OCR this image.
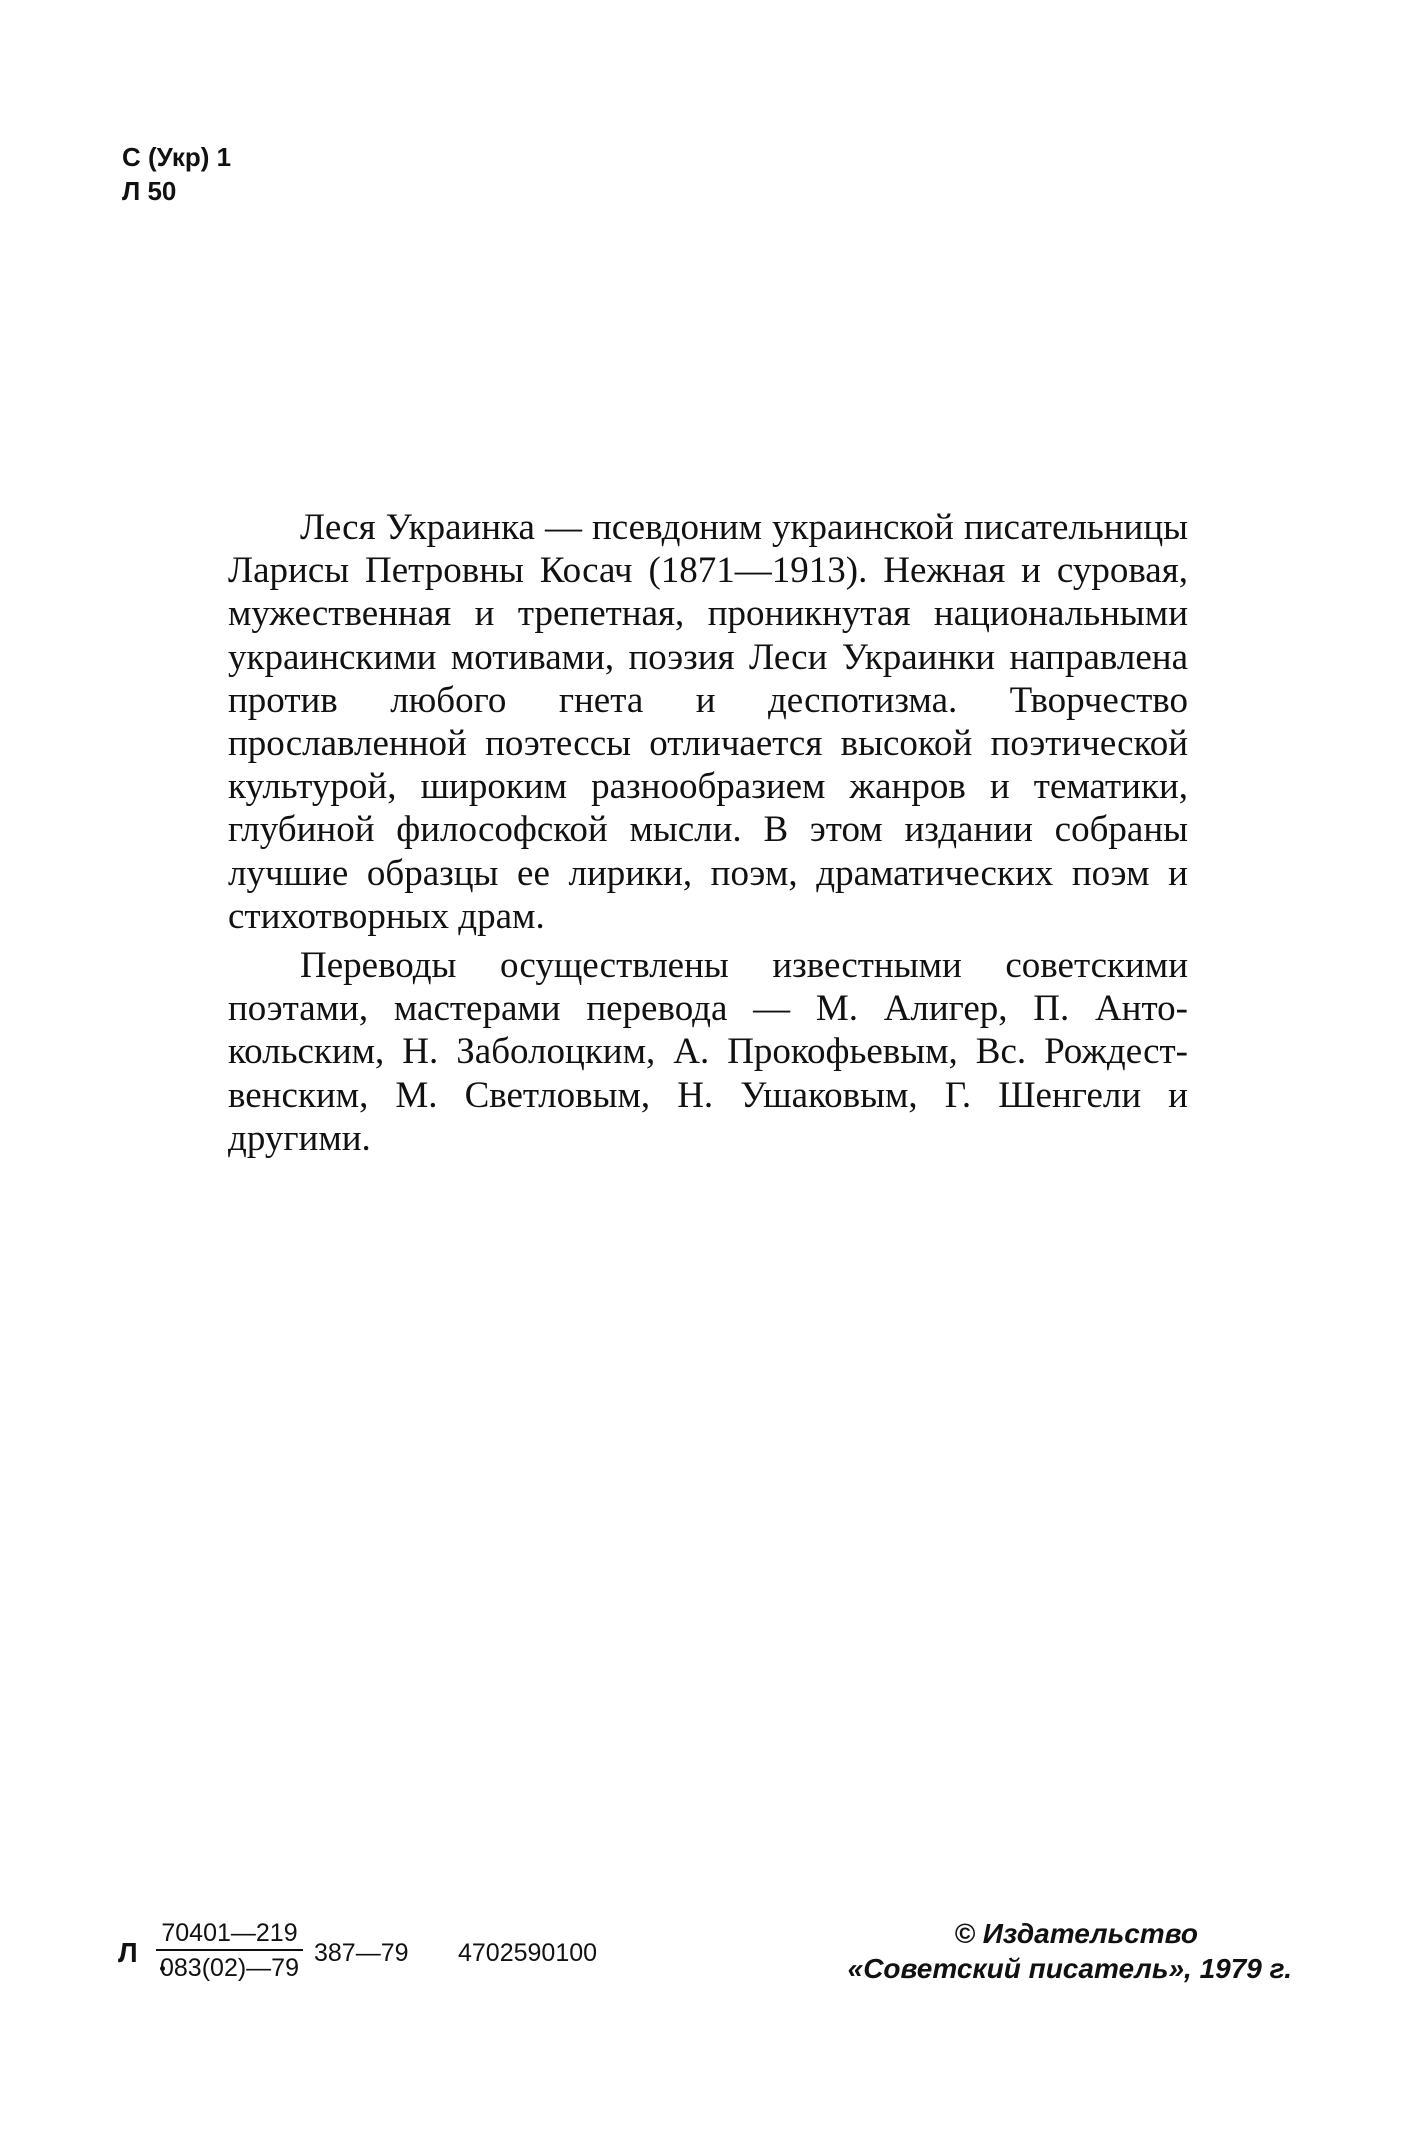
С (Укр) 1
Л 50

Леся Украинка — псевдоним украинской писательницы Ларисы Петровны Косач (1871—1913). Нежная и суровая, мужественная и трепетная, проникнутая национальными украинскими мотивами, поэзия Леси Украинки направлена против любого гнета и деспотизма. Творчество прославленной поэтессы отличается высокой поэтической культурой, широким разнообразием жанров и тематики, глубиной философской мысли. В этом издании собраны лучшие образцы ее лирики, поэм, драматических поэм и стихотворных драм.

Переводы осуществлены известными советскими поэтами, мастерами перевода — М. Алигер, П. Антокольским, Н. Заболоцким, А. Прокофьевым, Вс. Рождественским, М. Светловым, Н. Ушаковым, Г. Шенгели и другими.

Л $\frac{70401—219}{083(02)—79}$ 387—79 4702590100
© Издательство
«Советский писатель», 1979 г.
